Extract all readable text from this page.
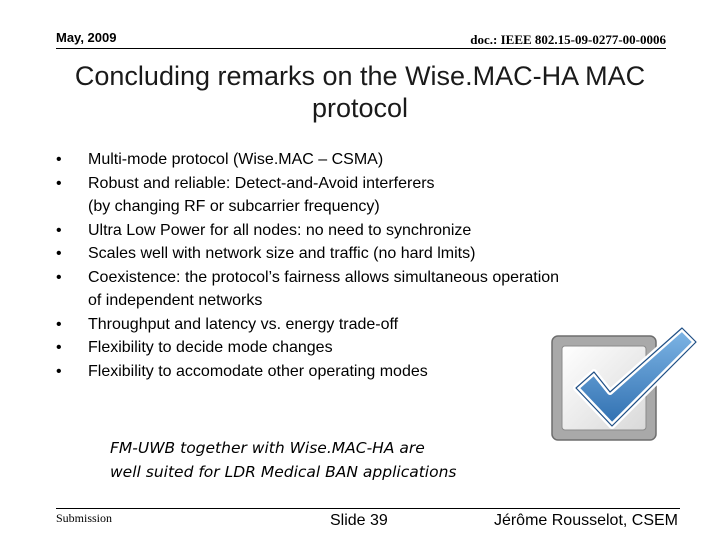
May, 2009	doc.: IEEE 802.15-09-0277-00-0006
Concluding remarks on the Wise.MAC-HA MAC
protocol
• Multi-mode protocol (Wise.MAC – CSMA)
• Robust and reliable: Detect-and-Avoid interferers
(by changing RF or subcarrier frequency)
• Ultra Low Power for all nodes: no need to synchronize
• Scales well with network size and traffic (no hard lmits)
• Coexistence: the protocol’s fairness allows simultaneous operation
of independent networks
• Throughput and latency vs. energy trade-off
• Flexibility to decide mode changes
• Flexibility to accomodate other operating modes
FM-UWB together with Wise.MAC-HA are
well suited for LDR Medical BAN applications
Submission	Slide 39	Jérôme Rousselot, CSEM
